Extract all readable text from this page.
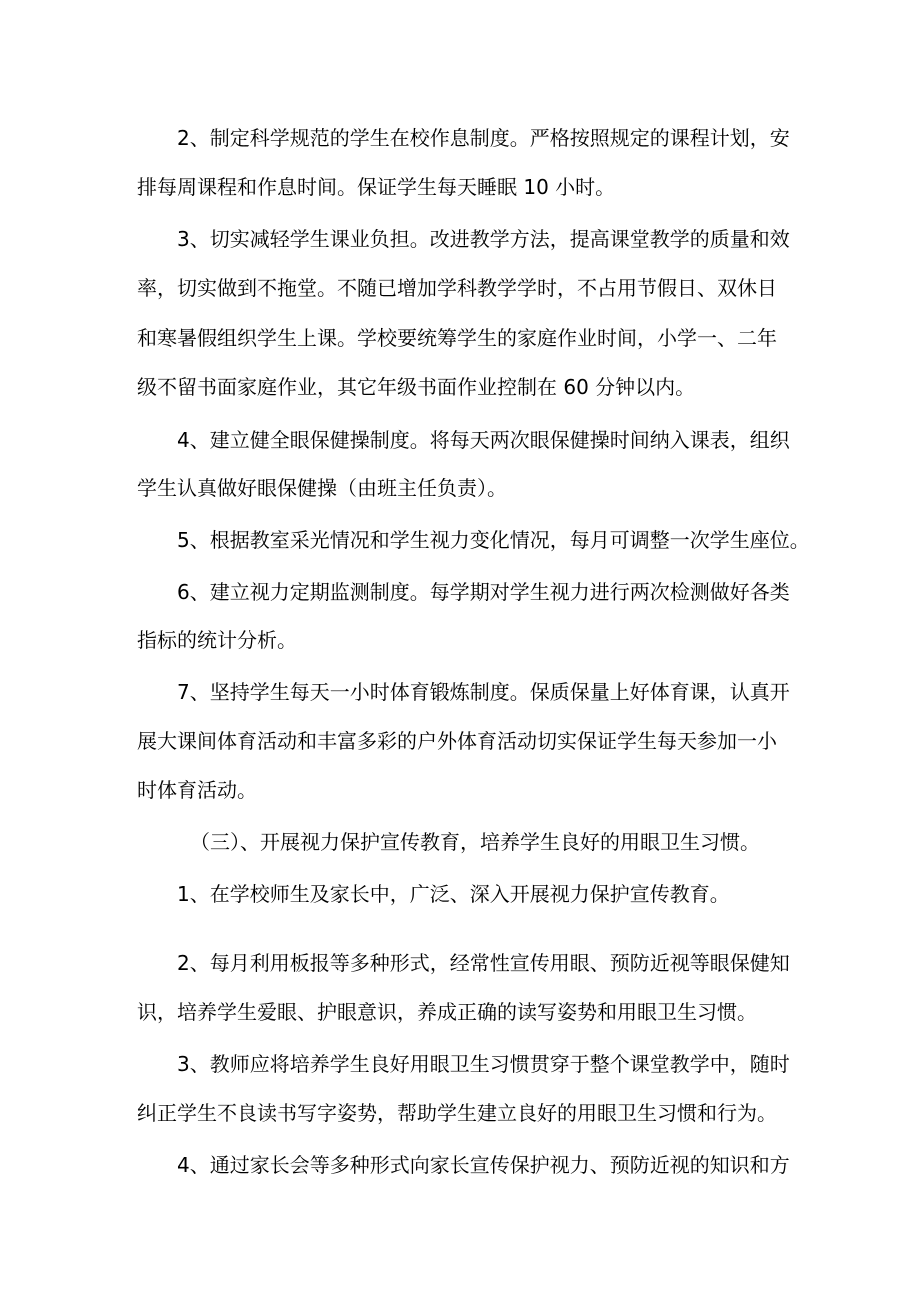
2、制定科学规范的学生在校作息制度。严格按照规定的课程计划，安
排每周课程和作息时间。保证学生每天睡眠 10 小时。
3、切实减轻学生课业负担。改进教学方法，提高课堂教学的质量和效
率，切实做到不拖堂。不随已增加学科教学学时，不占用节假日、双休日
和寒暑假组织学生上课。学校要统筹学生的家庭作业时间，小学一、二年
级不留书面家庭作业，其它年级书面作业控制在 60 分钟以内。
4、建立健全眼保健操制度。将每天两次眼保健操时间纳入课表，组织
学生认真做好眼保健操（由班主任负责）。
5、根据教室采光情况和学生视力变化情况，每月可调整一次学生座位。
6、建立视力定期监测制度。每学期对学生视力进行两次检测做好各类
指标的统计分析。
7、坚持学生每天一小时体育锻炼制度。保质保量上好体育课，认真开
展大课间体育活动和丰富多彩的户外体育活动切实保证学生每天参加一小
时体育活动。
（三）、开展视力保护宣传教育，培养学生良好的用眼卫生习惯。
1、在学校师生及家长中，广泛、深入开展视力保护宣传教育。
2、每月利用板报等多种形式，经常性宣传用眼、预防近视等眼保健知
识，培养学生爱眼、护眼意识，养成正确的读写姿势和用眼卫生习惯。
3、教师应将培养学生良好用眼卫生习惯贯穿于整个课堂教学中，随时
纠正学生不良读书写字姿势，帮助学生建立良好的用眼卫生习惯和行为。
4、通过家长会等多种形式向家长宣传保护视力、预防近视的知识和方
